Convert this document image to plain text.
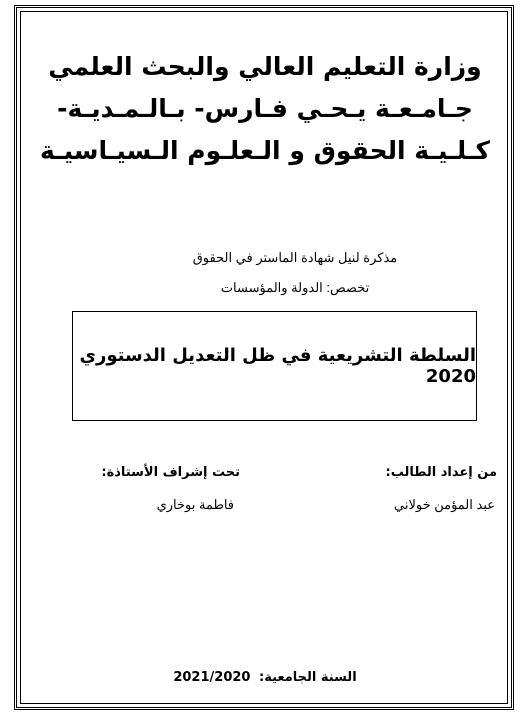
وزارة التعليم العالي والبحث العلمي
جـامـعـة يـحـي فـارس- بـالـمـديـة-
كـلـيـة الحقوق و الـعلـوم الـسيـاسيـة
مذكرة لنيل شهادة الماستر في الحقوق
تخصص: الدولة والمؤسسات
السلطة التشريعية في ظل التعديل الدستوري 2020
من إعداد الطالب:
تحت إشراف الأستاذة:
عبد المؤمن خولاني
فاطمة بوخاري
السنة الجامعية: 2021/2020
